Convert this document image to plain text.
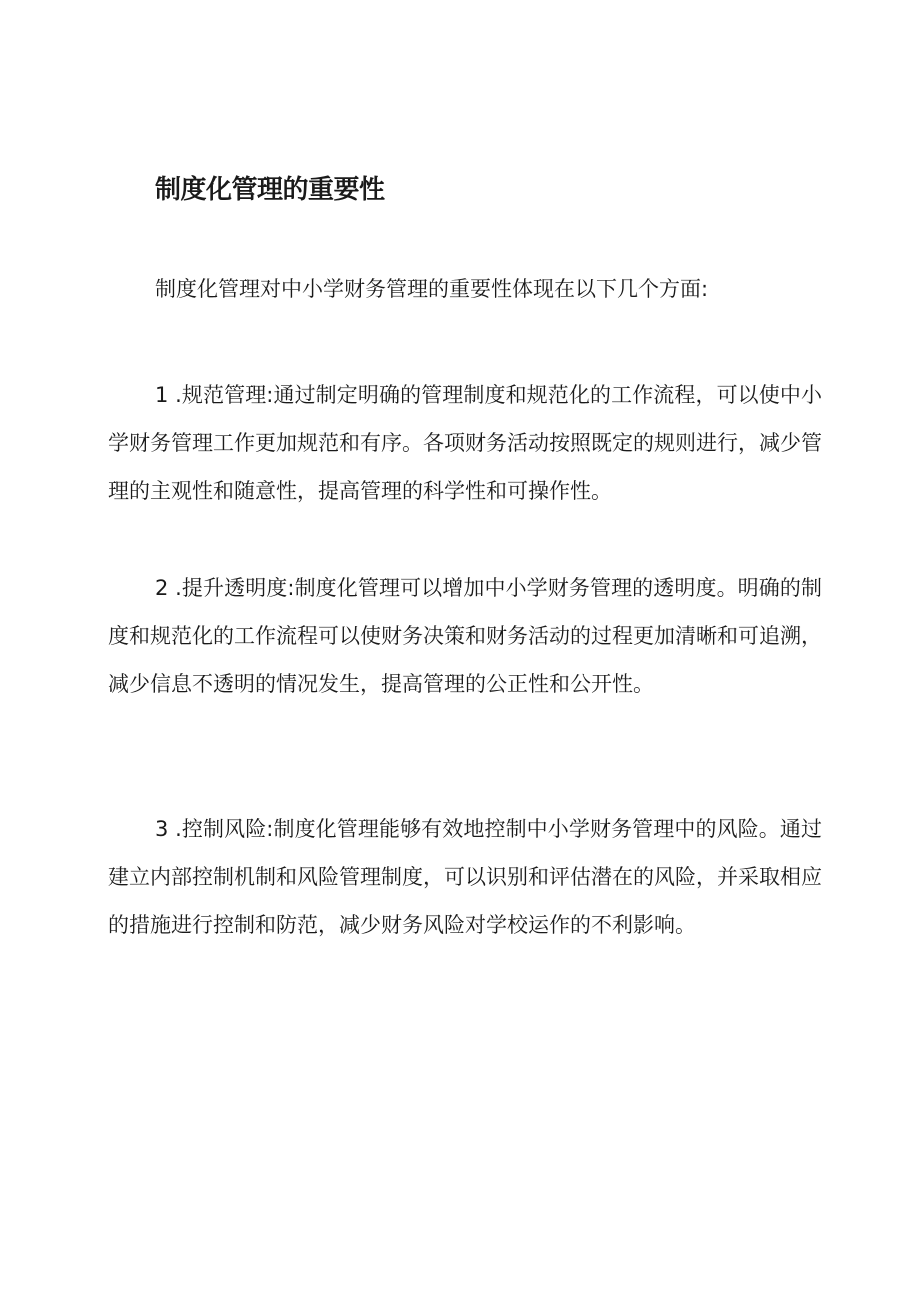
制度化管理的重要性

制度化管理对中小学财务管理的重要性体现在以下几个方面:

1 .规范管理:通过制定明确的管理制度和规范化的工作流程，可以使中小学财务管理工作更加规范和有序。各项财务活动按照既定的规则进行，减少管理的主观性和随意性，提高管理的科学性和可操作性。

2 .提升透明度:制度化管理可以增加中小学财务管理的透明度。明确的制度和规范化的工作流程可以使财务决策和财务活动的过程更加清晰和可追溯，减少信息不透明的情况发生，提高管理的公正性和公开性。

3 .控制风险:制度化管理能够有效地控制中小学财务管理中的风险。通过建立内部控制机制和风险管理制度，可以识别和评估潜在的风险，并采取相应的措施进行控制和防范，减少财务风险对学校运作的不利影响。
